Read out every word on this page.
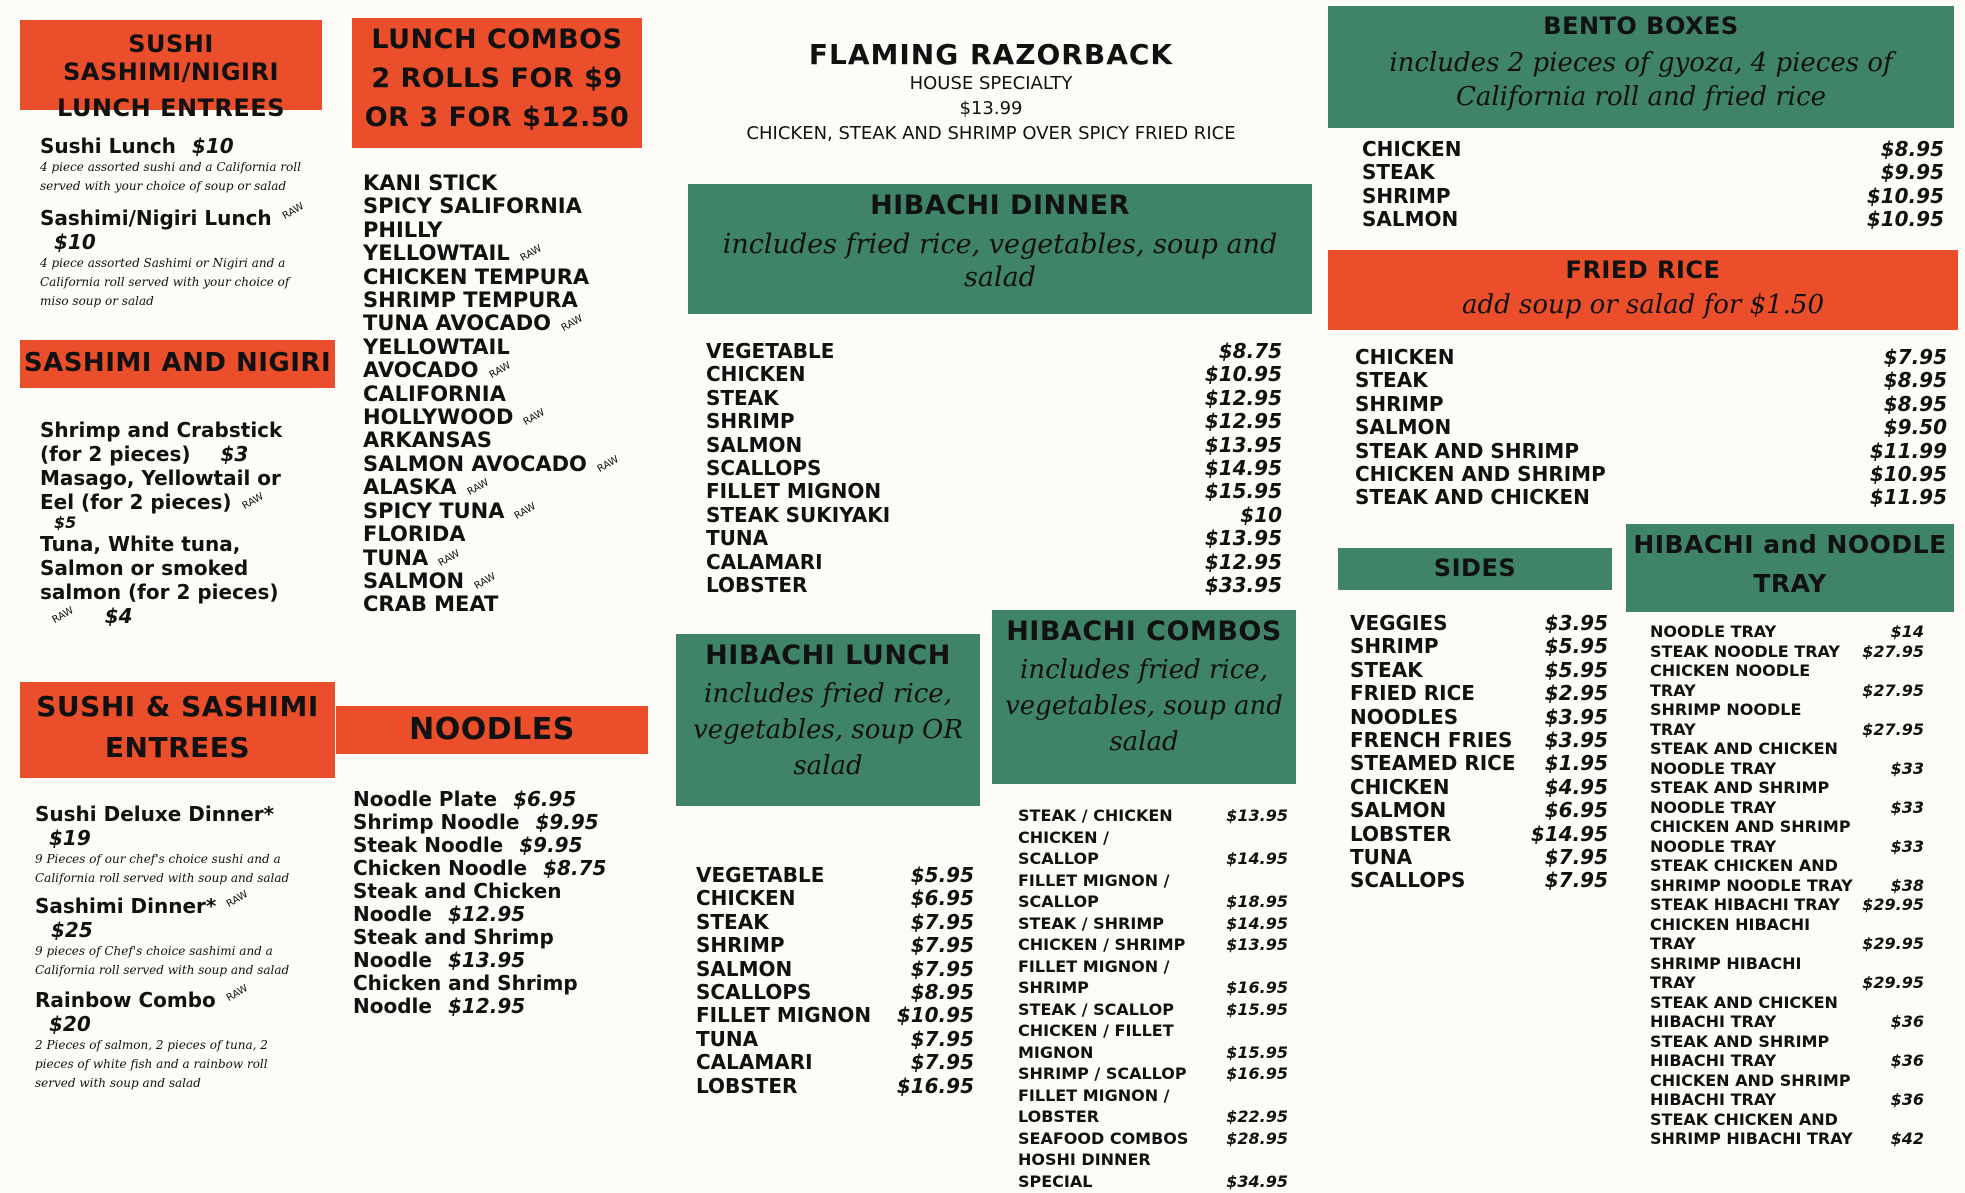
SUSHI SASHIMI/NIGIRI
LUNCH ENTREES
Sushi Lunch $10
4 piece assorted sushi and a California roll served with your choice of soup or salad
Sashimi/Nigiri Lunch RAW
$10
4 piece assorted Sashimi or Nigiri and a California roll served with your choice of miso soup or salad
SASHIMI AND NIGIRI
Shrimp and Crabstick
(for 2 pieces) $3
Masago, Yellowtail or
Eel (for 2 pieces) RAW
$5
Tuna, White tuna,
Salmon or smoked
salmon (for 2 pieces)
RAW $4
SUSHI & SASHIMI
ENTREES
Sushi Deluxe Dinner*
$19
9 Pieces of our chef's choice sushi and a California roll served with soup and salad
Sashimi Dinner* RAW$25
9 pieces of Chef's choice sashimi and a California roll served with soup and salad
Rainbow Combo RAW
$20
2 Pieces of salmon, 2 pieces of tuna, 2 pieces of white fish and a rainbow roll served with soup and salad
LUNCH COMBOS
2 ROLLS FOR $9
OR 3 FOR $12.50
KANI STICK
SPICY SALIFORNIA
PHILLY
YELLOWTAIL RAW
CHICKEN TEMPURA
SHRIMP TEMPURA
TUNA AVOCADO RAW
YELLOWTAIL
AVOCADO RAW
CALIFORNIA
HOLLYWOOD RAW
ARKANSAS
SALMON AVOCADO RAW
ALASKA RAW
SPICY TUNA RAW
FLORIDA
TUNA RAW
SALMON RAW
CRAB MEAT
NOODLES
Noodle Plate $6.95
Shrimp Noodle $9.95
Steak Noodle $9.95
Chicken Noodle $8.75
Steak and Chicken
Noodle $12.95
Steak and Shrimp
Noodle $13.95
Chicken and Shrimp
Noodle $12.95
FLAMING RAZORBACK
HOUSE SPECIALTY
$13.99
CHICKEN, STEAK AND SHRIMP OVER SPICY FRIED RICE
HIBACHI DINNER
includes fried rice, vegetables, soup and
salad
VEGETABLE	$8.75
CHICKEN	$10.95
STEAK	$12.95
SHRIMP	$12.95
SALMON	$13.95
SCALLOPS	$14.95
FILLET MIGNON	$15.95
STEAK SUKIYAKI	$10
TUNA	$13.95
CALAMARI	$12.95
LOBSTER	$33.95
HIBACHI LUNCH
includes fried rice,
vegetables, soup OR
salad
VEGETABLE	$5.95
CHICKEN	$6.95
STEAK	$7.95
SHRIMP	$7.95
SALMON	$7.95
SCALLOPS	$8.95
FILLET MIGNON $10.95
TUNA	$7.95
CALAMARI	$7.95
LOBSTER	$16.95
HIBACHI COMBOS
includes fried rice,
vegetables, soup and
salad
STEAK / CHICKEN	$13.95
CHICKEN /
SCALLOP	$14.95
FILLET MIGNON /
SCALLOP	$18.95
STEAK / SHRIMP	$14.95
CHICKEN / SHRIMP	$13.95
FILLET MIGNON /
SHRIMP	$16.95
STEAK / SCALLOP	$15.95
CHICKEN / FILLET
MIGNON	$15.95
SHRIMP / SCALLOP $16.95
FILLET MIGNON /
LOBSTER	$22.95
SEAFOOD COMBOS $28.95
HOSHI DINNER
SPECIAL	$34.95
BENTO BOXES
includes 2 pieces of gyoza, 4 pieces of
California roll and fried rice
CHICKEN	$8.95
STEAK	$9.95
SHRIMP	$10.95
SALMON	$10.95
FRIED RICE
add soup or salad for $1.50
CHICKEN	$7.95
STEAK	$8.95
SHRIMP	$8.95
SALMON	$9.50
STEAK AND SHRIMP	$11.99
CHICKEN AND SHRIMP	$10.95
STEAK AND CHICKEN	$11.95
SIDES
VEGGIES	$3.95
SHRIMP	$5.95
STEAK	$5.95
FRIED RICE	$2.95
NOODLES	$3.95
FRENCH FRIES $3.95
STEAMED RICE $1.95
CHICKEN	$4.95
SALMON	$6.95
LOBSTER	$14.95
TUNA	$7.95
SCALLOPS	$7.95
HIBACHI and NOODLE
TRAY
NOODLE TRAY	$14
STEAK NOODLE TRAY $27.95
CHICKEN NOODLE
TRAY	$27.95
SHRIMP NOODLE
TRAY	$27.95
STEAK AND CHICKEN
NOODLE TRAY	$33
STEAK AND SHRIMP
NOODLE TRAY	$33
CHICKEN AND SHRIMP
NOODLE TRAY	$33
STEAK CHICKEN AND
SHRIMP NOODLE TRAY $38
STEAK HIBACHI TRAY $29.95
CHICKEN HIBACHI
TRAY	$29.95
SHRIMP HIBACHI
TRAY	$29.95
STEAK AND CHICKEN
HIBACHI TRAY	$36
STEAK AND SHRIMP
HIBACHI TRAY	$36
CHICKEN AND SHRIMP
HIBACHI TRAY	$36
STEAK CHICKEN AND
SHRIMP HIBACHI TRAY $42
